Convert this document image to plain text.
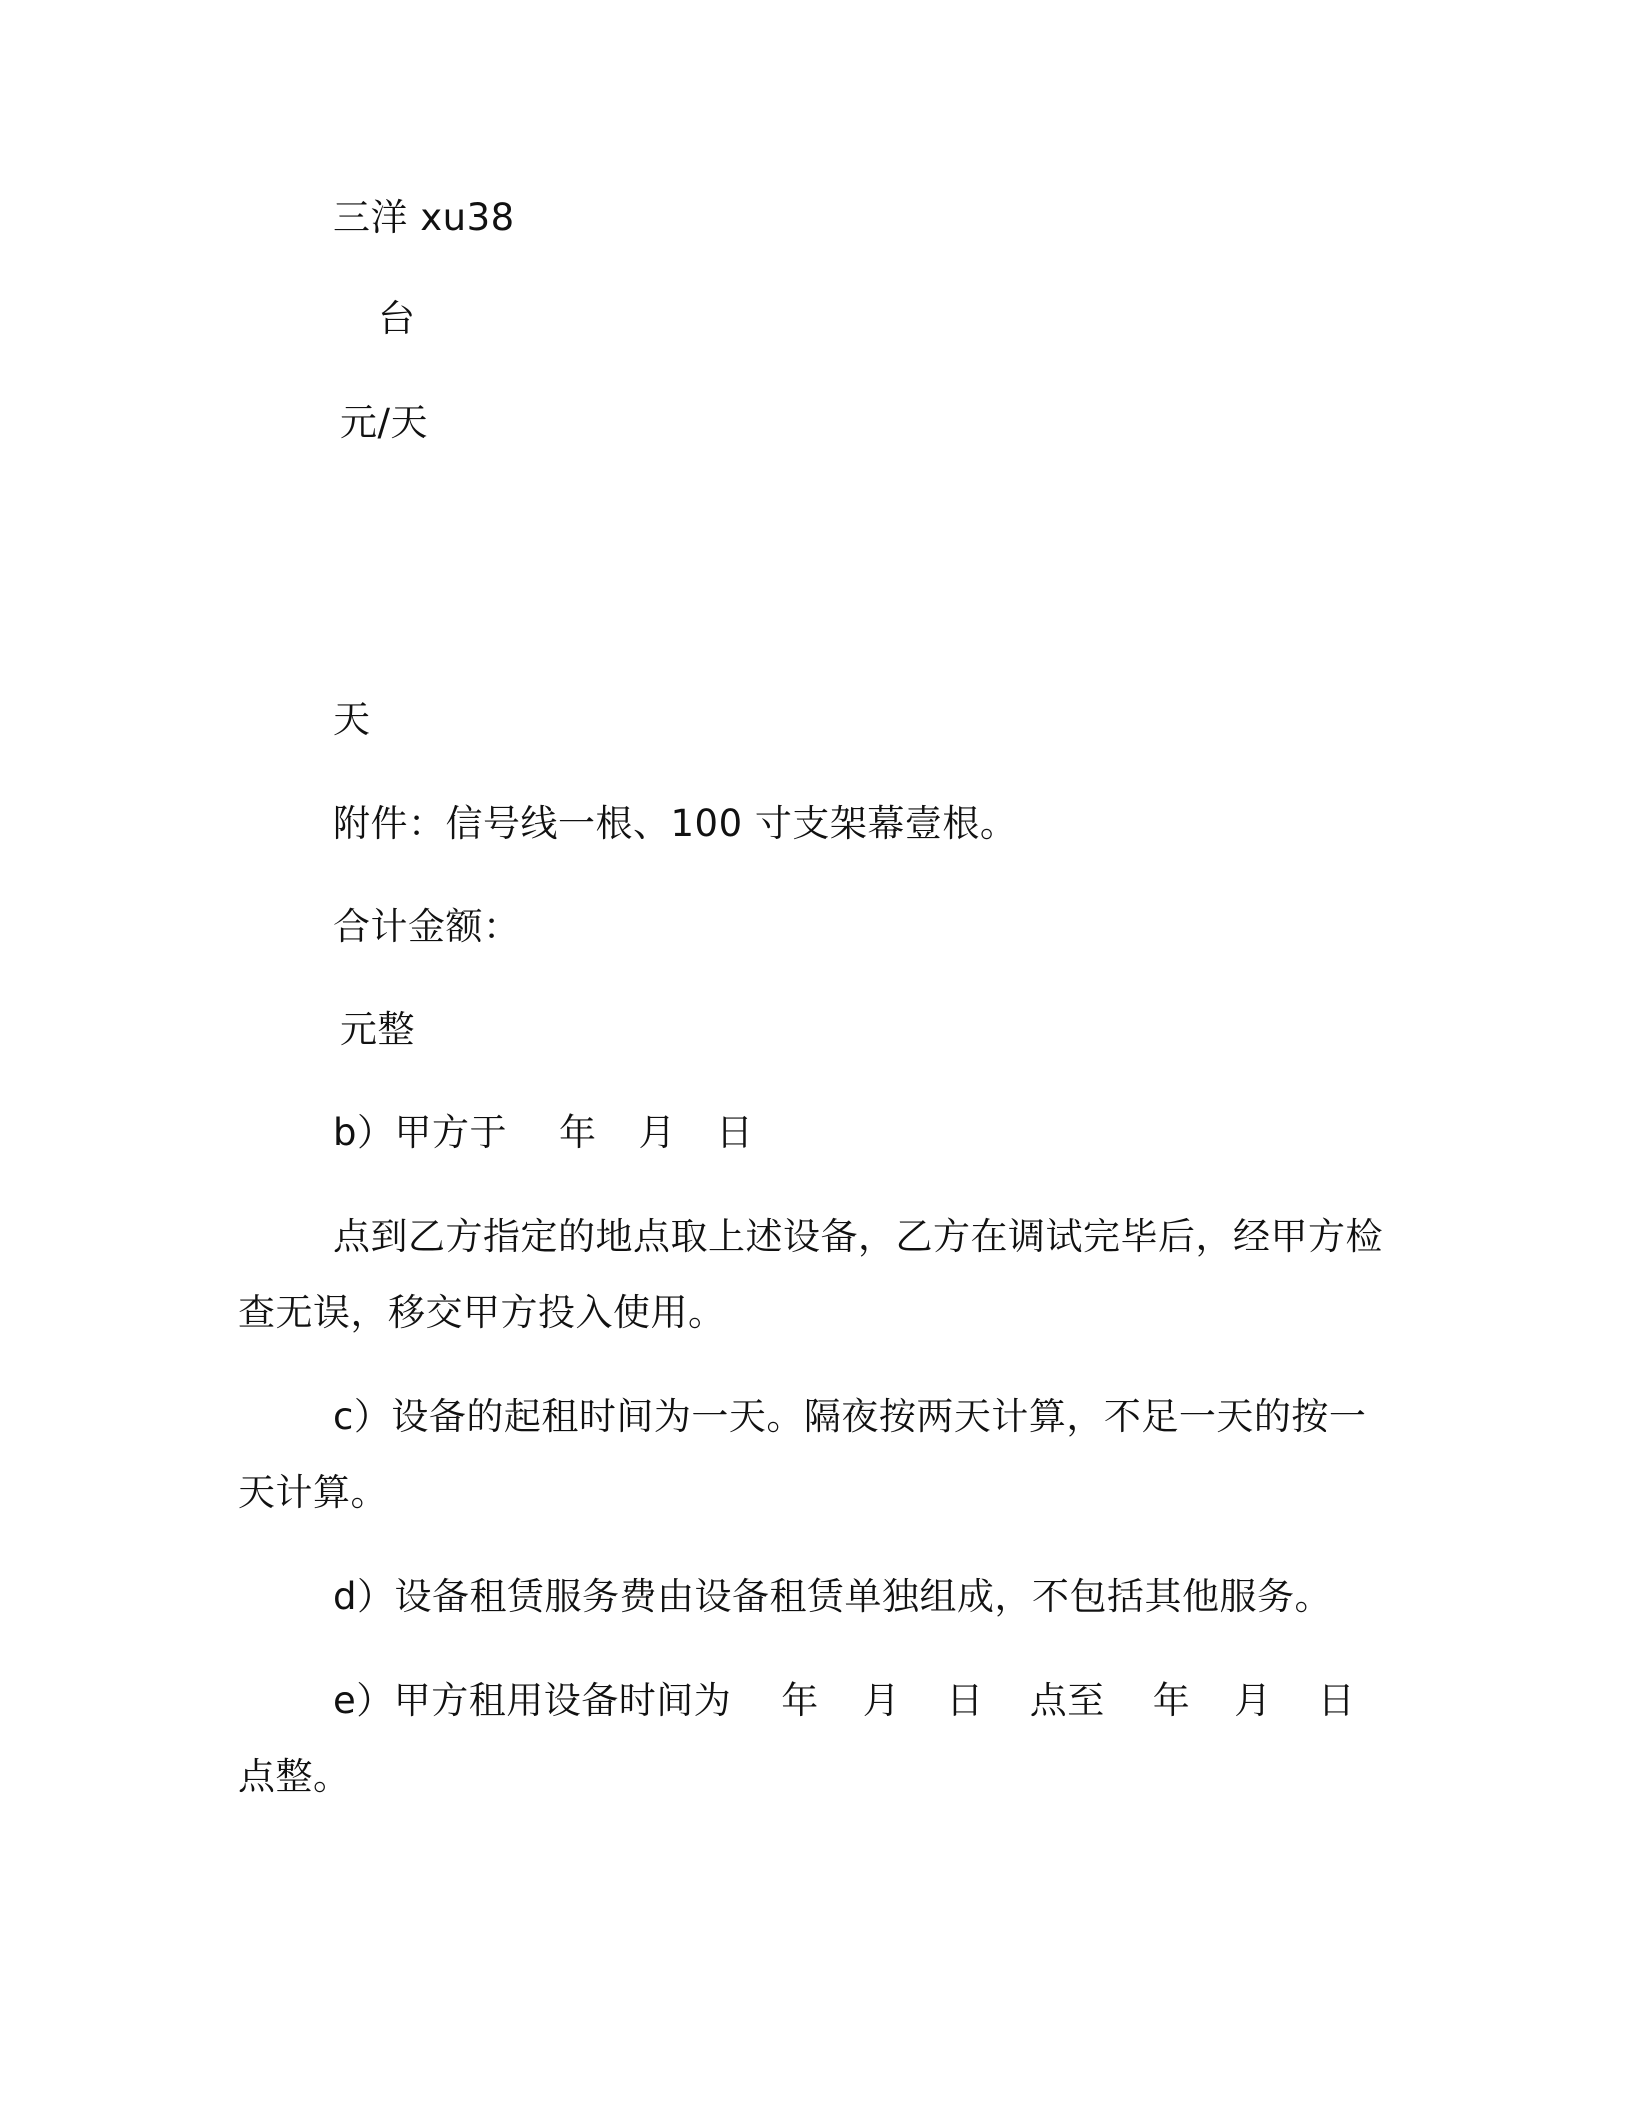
三洋 xu38
台
元/天
天
附件：信号线一根、100 寸支架幕壹根。
合计金额：
元整
b）甲方于 年 月 日
点到乙方指定的地点取上述设备，乙方在调试完毕后，经甲方检
查无误，移交甲方投入使用。
c）设备的起租时间为一天。隔夜按两天计算，不足一天的按一
天计算。
d）设备租赁服务费由设备租赁单独组成，不包括其他服务。
e）甲方租用设备时间为 年 月 日 点至 年 月 日
点整。
